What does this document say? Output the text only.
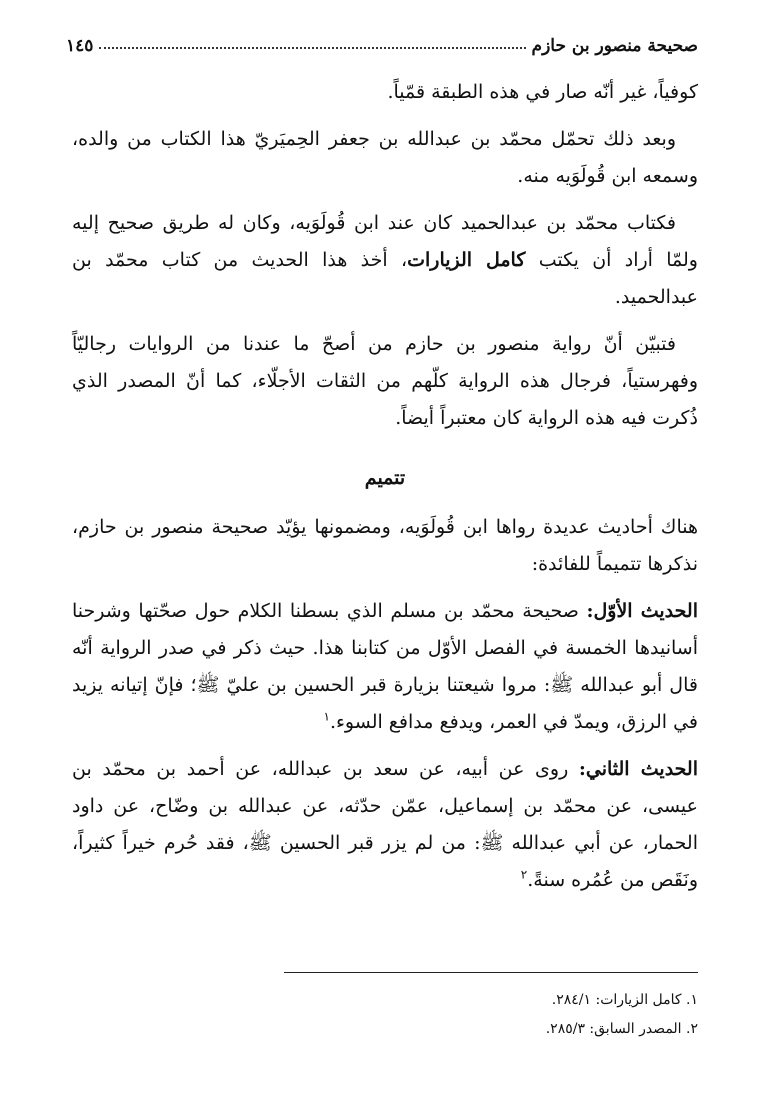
صحيحة منصور بن حازم
١٤٥

كوفياً، غير أنّه صار في هذه الطبقة قمّياً.

وبعد ذلك تحمّل محمّد بن عبدالله بن جعفر الحِميَريّ هذا الكتاب من والده، وسمعه ابن قُولَوَيه منه.

فكتاب محمّد بن عبدالحميد كان عند ابن قُولَوَيه، وكان له طريق صحيح إليه ولمّا أراد أن يكتب كامل الزيارات، أخذ هذا الحديث من كتاب محمّد بن عبدالحميد.

فتبيّن أنّ رواية منصور بن حازم من أصحّ ما عندنا من الروايات رجاليّاً وفهرستياً، فرجال هذه الرواية كلّهم من الثقات الأجلّاء، كما أنّ المصدر الذي ذُكرت فيه هذه الرواية كان معتبراً أيضاً.

تتميم

هناك أحاديث عديدة رواها ابن قُولَوَيه، ومضمونها يؤيّد صحيحة منصور بن حازم، نذكرها تتميماً للفائدة:

الحديث الأوّل: صحيحة محمّد بن مسلم الذي بسطنا الكلام حول صحّتها وشرحنا أسانيدها الخمسة في الفصل الأوّل من كتابنا هذا. حيث ذكر في صدر الرواية أنّه قال أبو عبدالله ﷺ: مروا شيعتنا بزيارة قبر الحسين بن عليّ ﷺ؛ فإنّ إتيانه يزيد في الرزق، ويمدّ في العمر، ويدفع مدافع السوء.$^١$

الحديث الثاني: روى عن أبيه، عن سعد بن عبدالله، عن أحمد بن محمّد بن عيسى، عن محمّد بن إسماعيل، عمّن حدّثه، عن عبدالله بن وضّاح، عن داود الحمار، عن أبي عبدالله ﷺ: من لم يزر قبر الحسين ﷺ، فقد حُرم خيراً كثيراً، ونَقَص من عُمُره سنةً.$^٢$

١. كامل الزيارات: ٢٨٤/١.
٢. المصدر السابق: ٢٨٥/٣.
